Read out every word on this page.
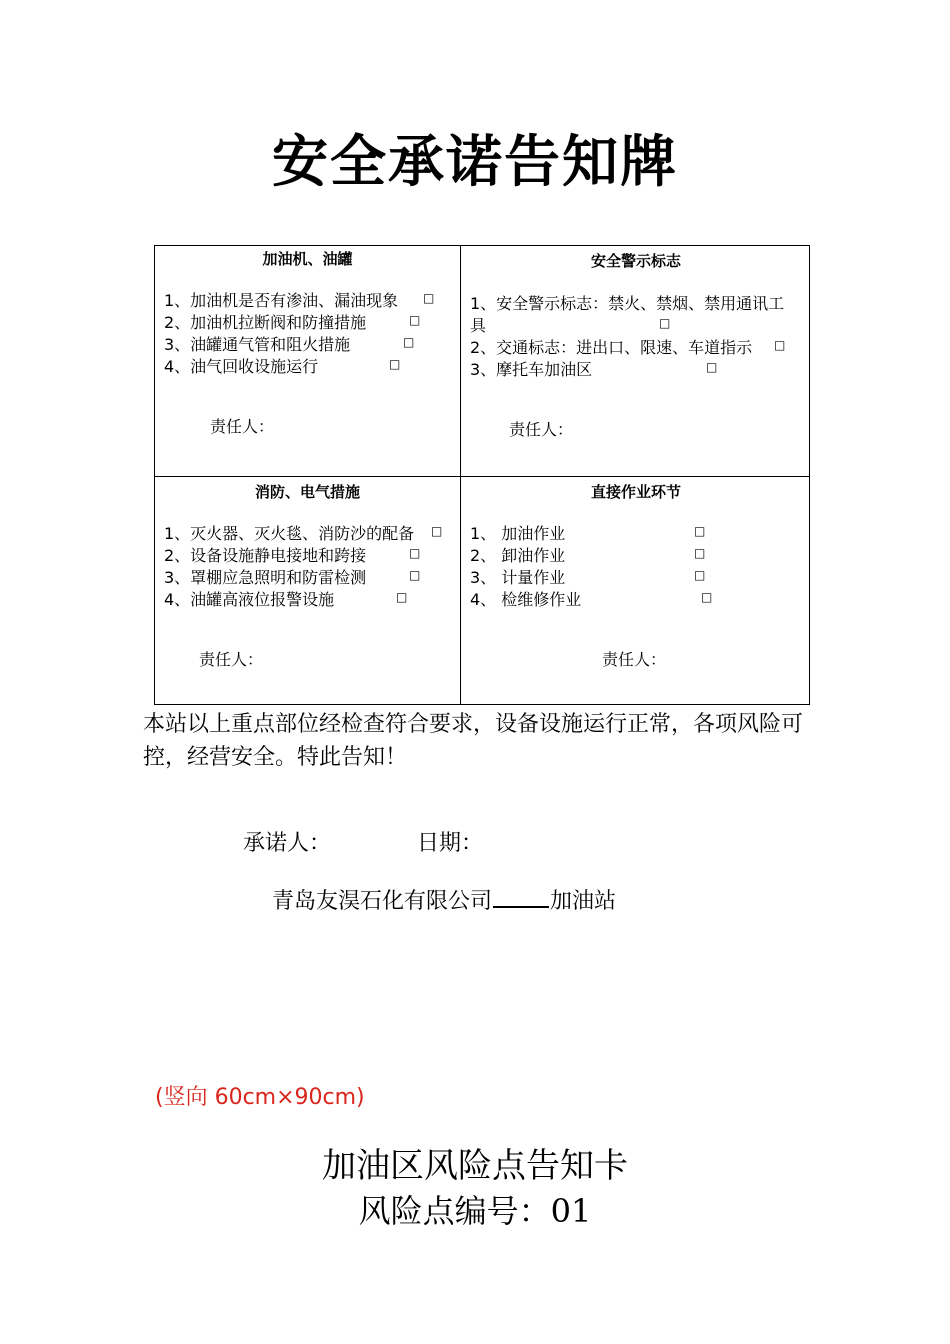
安全承诺告知牌
加油机、油罐
1、加油机是否有渗油、漏油现象 □
2、加油机拉断阀和防撞措施	□
3、油罐通气管和阻火措施	□
4、油气回收设施运行	□
责任人：
安全警示标志
1、安全警示标志：禁火、禁烟、禁用通讯工
具	□
2、交通标志：进出口、限速、车道指示 □
3、摩托车加油区	□
责任人：
消防、电气措施
1、灭火器、灭火毯、消防沙的配备 □
2、设备设施静电接地和跨接	□
3、罩棚应急照明和防雷检测	□
4、油罐高液位报警设施	□
责任人：
直接作业环节
1、 加油作业	□
2、 卸油作业	□
3、 计量作业	□
4、 检维修作业	□
责任人：
本站以上重点部位经检查符合要求，设备设施运行正常，各项风险可控，经营安全。特此告知！
承诺人：	日期：
青岛友淏石化有限公司	加油站
(竖向 60cm×90cm)
加油区风险点告知卡
风险点编号：01
